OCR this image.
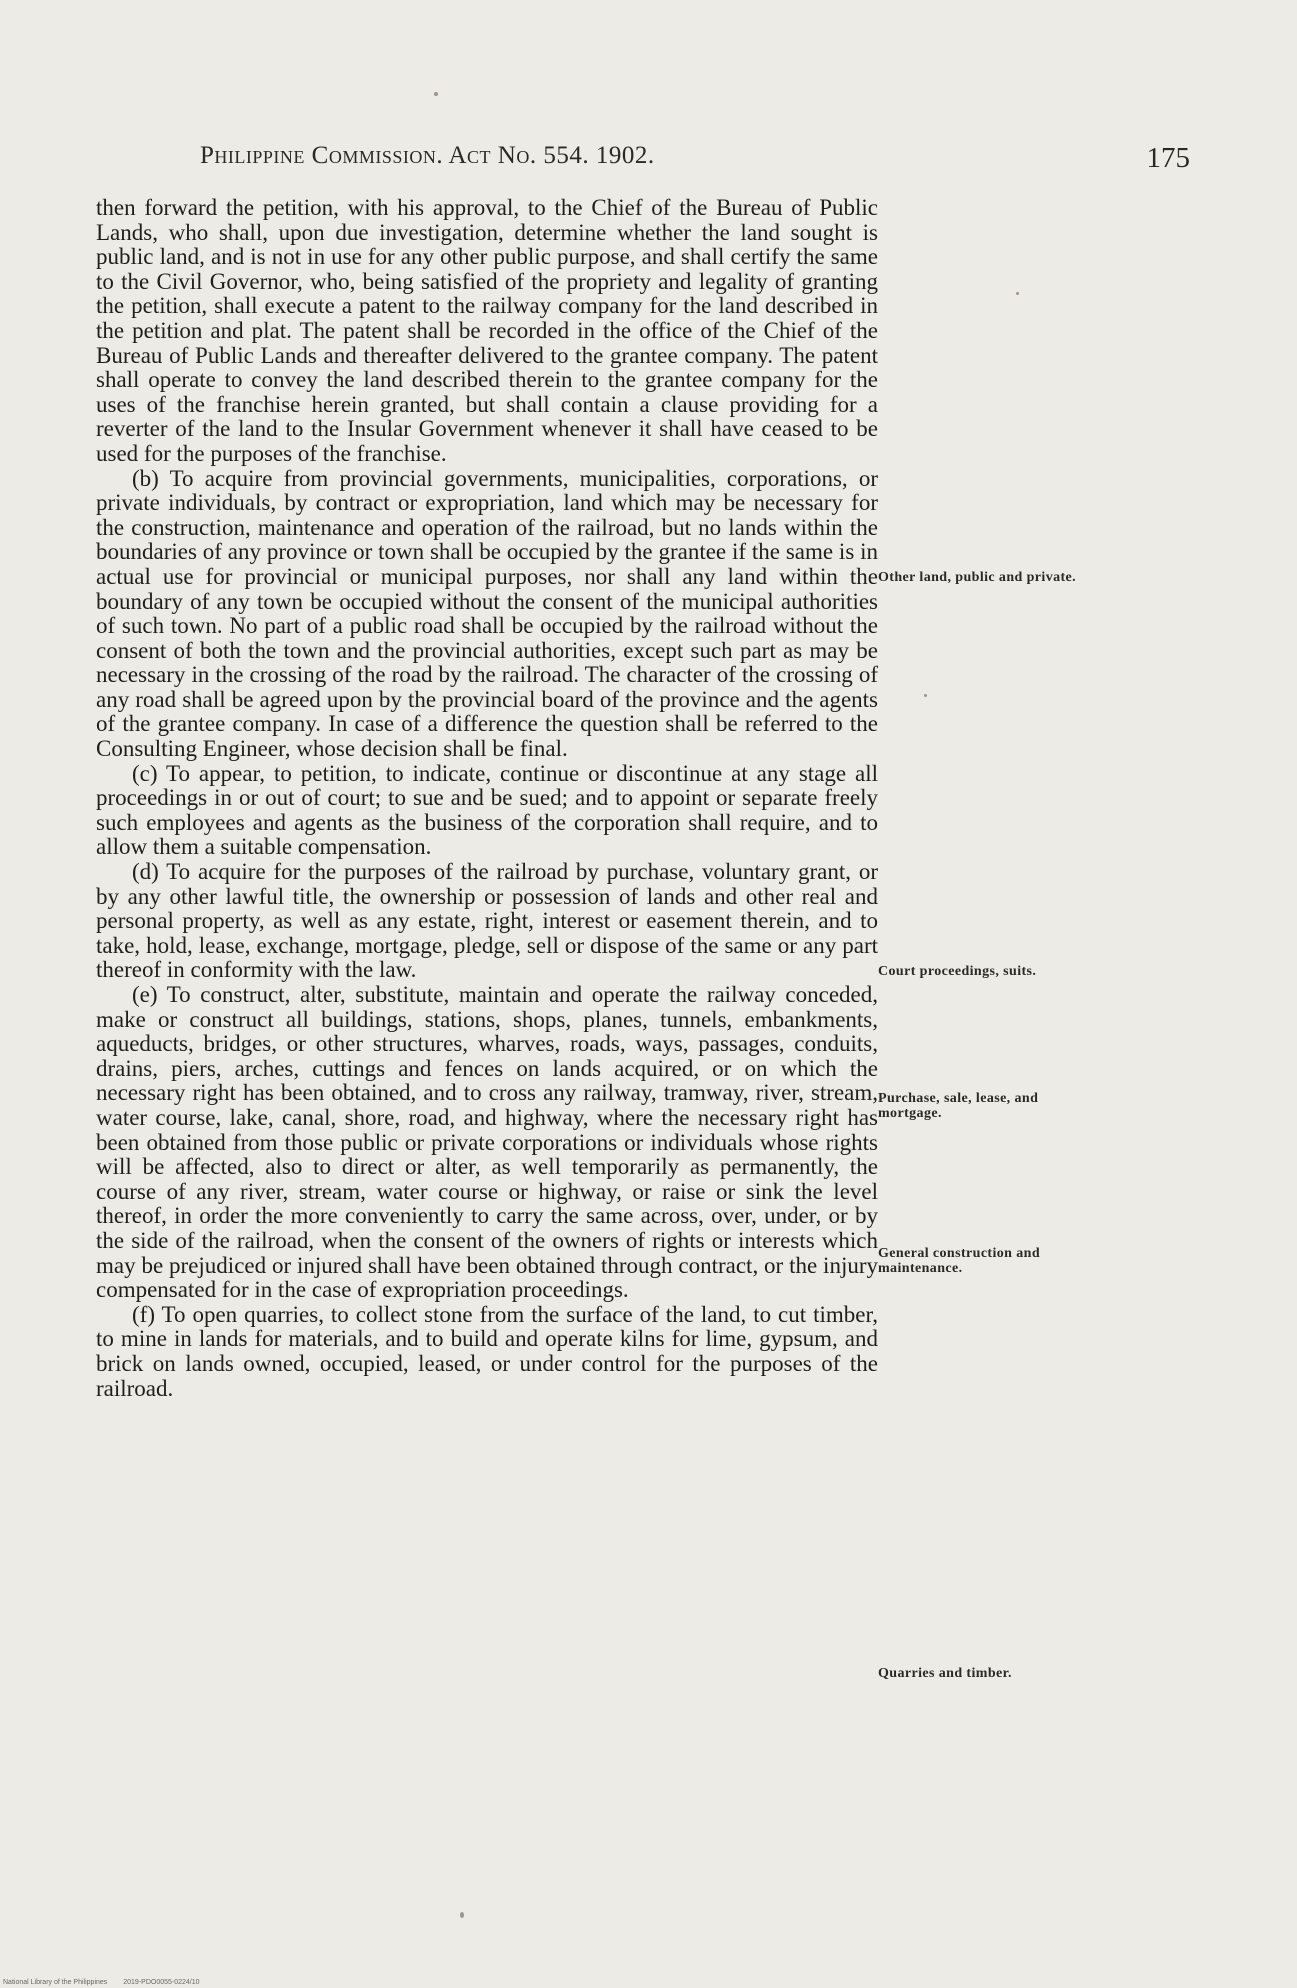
Philippine Commission. Act No. 554. 1902.	175

then forward the petition, with his approval, to the Chief of the Bureau of Public Lands, who shall, upon due investigation, determine whether the land sought is public land, and is not in use for any other public purpose, and shall certify the same to the Civil Governor, who, being satisfied of the propriety and legality of granting the petition, shall execute a patent to the railway company for the land described in the petition and plat. The patent shall be recorded in the office of the Chief of the Bureau of Public Lands and thereafter delivered to the grantee company. The patent shall operate to convey the land described therein to the grantee company for the uses of the franchise herein granted, but shall contain a clause providing for a reverter of the land to the Insular Government whenever it shall have ceased to be used for the purposes of the franchise.

(b) To acquire from provincial governments, municipalities, corporations, or private individuals, by contract or expropriation, land which may be necessary for the construction, maintenance and operation of the railroad, but no lands within the boundaries of any province or town shall be occupied by the grantee if the same is in actual use for provincial or municipal purposes, nor shall any land within the boundary of any town be occupied without the consent of the municipal authorities of such town. No part of a public road shall be occupied by the railroad without the consent of both the town and the provincial authorities, except such part as may be necessary in the crossing of the road by the railroad. The character of the crossing of any road shall be agreed upon by the provincial board of the province and the agents of the grantee company. In case of a difference the question shall be referred to the Consulting Engineer, whose decision shall be final.

(c) To appear, to petition, to indicate, continue or discontinue at any stage all proceedings in or out of court; to sue and be sued; and to appoint or separate freely such employees and agents as the business of the corporation shall require, and to allow them a suitable compensation.

(d) To acquire for the purposes of the railroad by purchase, voluntary grant, or by any other lawful title, the ownership or possession of lands and other real and personal property, as well as any estate, right, interest or easement therein, and to take, hold, lease, exchange, mortgage, pledge, sell or dispose of the same or any part thereof in conformity with the law.

(e) To construct, alter, substitute, maintain and operate the railway conceded, make or construct all buildings, stations, shops, planes, tunnels, embankments, aqueducts, bridges, or other structures, wharves, roads, ways, passages, conduits, drains, piers, arches, cuttings and fences on lands acquired, or on which the necessary right has been obtained, and to cross any railway, tramway, river, stream, water course, lake, canal, shore, road, and highway, where the necessary right has been obtained from those public or private corporations or individuals whose rights will be affected, also to direct or alter, as well temporarily as permanently, the course of any river, stream, water course or highway, or raise or sink the level thereof, in order the more conveniently to carry the same across, over, under, or by the side of the railroad, when the consent of the owners of rights or interests which may be prejudiced or injured shall have been obtained through contract, or the injury compensated for in the case of expropriation proceedings.

(f) To open quarries, to collect stone from the surface of the land, to cut timber, to mine in lands for materials, and to build and operate kilns for lime, gypsum, and brick on lands owned, occupied, leased, or under control for the purposes of the railroad.

Other land, public and private.
Court proceedings, suits.
Purchase, sale, lease, and mortgage.
General construction and maintenance.
Quarries and timber.
National Library of the Philippines 2019-PDO0055-0224/10
